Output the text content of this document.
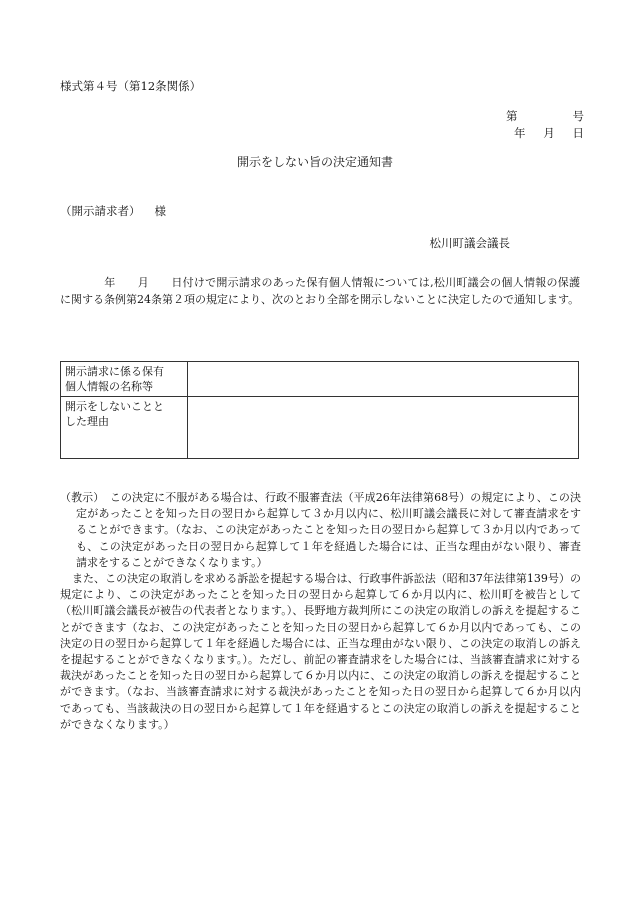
様式第４号（第12条関係）
第	号
年 月 日
開示をしない旨の決定通知書
（開示請求者） 様
松川町議会議長
年 月 日付けで開示請求のあった保有個人情報については,松川町議会の個人情報の保護に関する条例第24条第２項の規定により、次のとおり全部を開示しないことに決定したので通知します。
開示請求に係る保有
個人情報の名称等	

開示をしないことと
した理由	

（教示）　この決定に不服がある場合は、行政不服審査法（平成26年法律第68号）の規定により、この決定があったことを知った日の翌日から起算して３か月以内に、松川町議会議長に対して審査請求をすることができます。（なお、この決定があったことを知った日の翌日から起算して３か月以内であっても、この決定があった日の翌日から起算して１年を経過した場合には、正当な理由がない限り、審査請求をすることができなくなります。）

また、この決定の取消しを求める訴訟を提起する場合は、行政事件訴訟法（昭和37年法律第139号）の規定により、この決定があったことを知った日の翌日から起算して６か月以内に、松川町を被告として（松川町議会議長が被告の代表者となります。）、長野地方裁判所にこの決定の取消しの訴えを提起することができます（なお、この決定があったことを知った日の翌日から起算して６か月以内であっても、この決定の日の翌日から起算して１年を経過した場合には、正当な理由がない限り、この決定の取消しの訴えを提起することができなくなります。）。ただし、前記の審査請求をした場合には、当該審査請求に対する裁決があったことを知った日の翌日から起算して６か月以内に、この決定の取消しの訴えを提起することができます。（なお、当該審査請求に対する裁決があったことを知った日の翌日から起算して６か月以内であっても、当該裁決の日の翌日から起算して１年を経過するとこの決定の取消しの訴えを提起することができなくなります。）
